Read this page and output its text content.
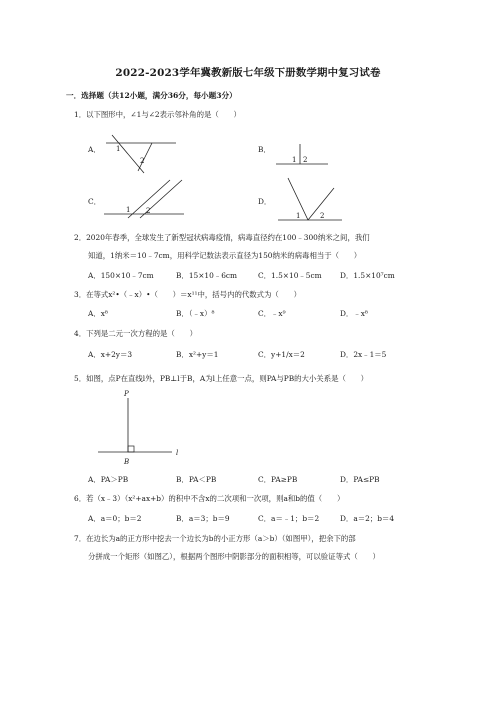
2022-2023学年冀教新版七年级下册数学期中复习试卷
一．选择题（共12小题，满分36分，每小题3分）
1．以下图形中，∠1与∠2表示邻补角的是（　　）
A． 1
2
B．
1 2
C．
1 2
D．
1	2
2．2020年春季，全球发生了新型冠状病毒疫情，病毒直径约在100﹣300纳米之间，我们
知道，1纳米＝10﹣7cm，用科学记数法表示直径为150纳米的病毒相当于（　　）
A．150×10﹣7cm	B．15×10﹣6cm	C．1.5×10﹣5cm D．1.5×10⁷cm
3．在等式x²•（﹣x）•（　　）＝x¹¹中，括号内的代数式为（　　）
A．x⁸	B．（﹣x）⁸	C．﹣x⁹	D．﹣x⁸
4．下列是二元一次方程的是（　　）
A．x+2y＝3	B．x²+y＝1	C．y+1/x＝2	D．2x﹣1＝5
5．如图，点P在直线l外，PB⊥l于B，A为l上任意一点，则PA与PB的大小关系是（　　）
P
B
l
A．PA＞PB	B．PA＜PB	C．PA≥PB	D．PA≤PB
6．若（x﹣3）（x²+ax+b）的积中不含x的二次项和一次项，则a和b的值（　　）
A．a＝0；b＝2	B．a＝3；b＝9	C．a＝﹣1；b＝2	D．a＝2；b＝4
7．在边长为a的正方形中挖去一个边长为b的小正方形（a＞b）（如图甲），把余下的部
分拼成一个矩形（如图乙），根据两个图形中阴影部分的面积相等，可以验证等式（　　）
